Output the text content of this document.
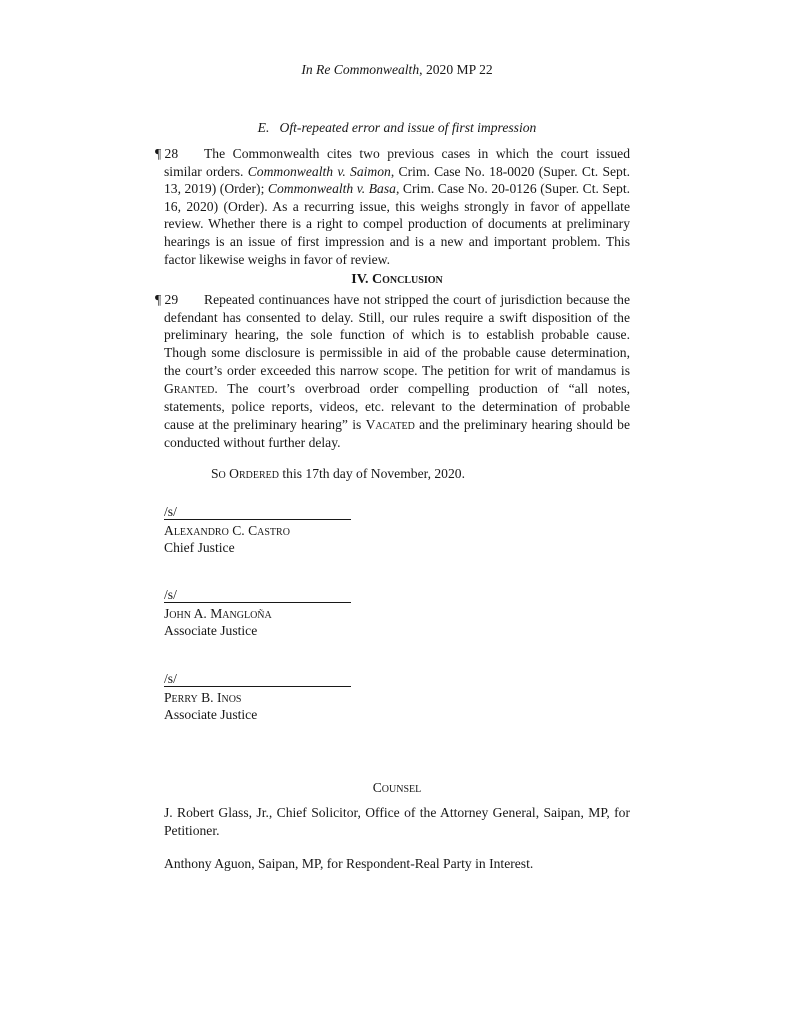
In Re Commonwealth, 2020 MP 22
E.   Oft-repeated error and issue of first impression

¶ 28 The Commonwealth cites two previous cases in which the court issued similar orders. Commonwealth v. Saimon, Crim. Case No. 18-0020 (Super. Ct. Sept. 13, 2019) (Order); Commonwealth v. Basa, Crim. Case No. 20-0126 (Super. Ct. Sept. 16, 2020) (Order). As a recurring issue, this weighs strongly in favor of appellate review. Whether there is a right to compel production of documents at preliminary hearings is an issue of first impression and is a new and important problem. This factor likewise weighs in favor of review.

IV. Conclusion

¶ 29 Repeated continuances have not stripped the court of jurisdiction because the defendant has consented to delay. Still, our rules require a swift disposition of the preliminary hearing, the sole function of which is to establish probable cause. Though some disclosure is permissible in aid of the probable cause determination, the court’s order exceeded this narrow scope. The petition for writ of mandamus is Granted. The court’s overbroad order compelling production of “all notes, statements, police reports, videos, etc. relevant to the determination of probable cause at the preliminary hearing” is Vacated and the preliminary hearing should be conducted without further delay.

So Ordered this 17th day of November, 2020.

/s/
Alexandro C. Castro
Chief Justice
/s/
John A. Mangloña
Associate Justice
/s/
Perry B. Inos
Associate Justice
Counsel

J. Robert Glass, Jr., Chief Solicitor, Office of the Attorney General, Saipan, MP, for Petitioner.

Anthony Aguon, Saipan, MP, for Respondent-Real Party in Interest.
